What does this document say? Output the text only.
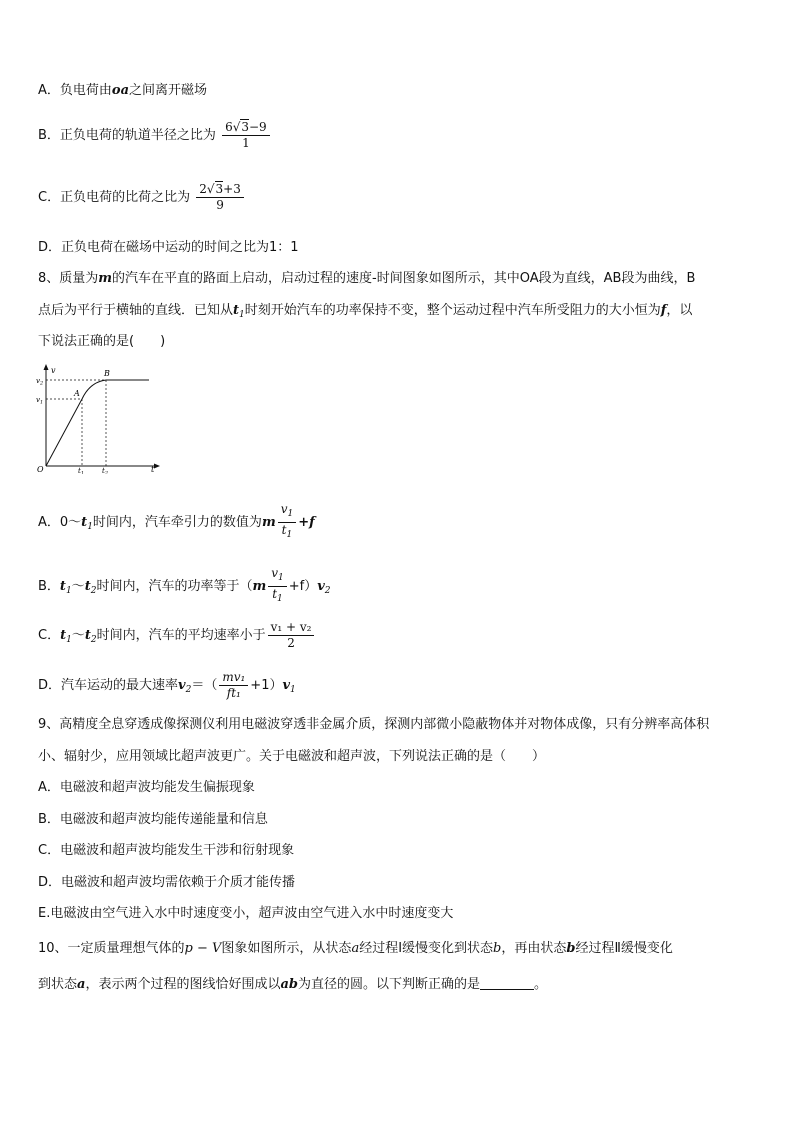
A．负电荷由oa之间离开磁场
B．正负电荷的轨道半径之比为 $\frac{6√3-9}{1}$
C．正负电荷的比荷之比为 $\frac{2√3+3}{9}$
D．正负电荷在磁场中运动的时间之比为1：1
8、质量为m的汽车在平直的路面上启动，启动过程的速度-时间图象如图所示，其中OA段为直线，AB段为曲线，B
点后为平行于横轴的直线．已知从$t_1$时刻开始汽车的功率保持不变，整个运动过程中汽车所受阻力的大小恒为f，以
下说法正确的是(　　)
v
t
O
$v_2$
$v_1$
A
B
$t_1$	$t_2$
A．$0\sim t_1$时间内，汽车牵引力的数值为m $\frac{v_1}{t_1} +f$
B．$t_1\sim t_2$时间内，汽车的功率等于$(m \frac{v_1}{t_1} +f)v_2$
C．$t_1\sim t_2$时间内，汽车的平均速率小于 $\frac{\text{v₁ + v₂}}{2}$
D．汽车运动的最大速率$v_2=( \frac{\text{mv₁}}{\text{ft₁}} +1)v_1$
9、高精度全息穿透成像探测仪利用电磁波穿透非金属介质，探测内部微小隐蔽物体并对物体成像，只有分辨率高体积
小、辐射少，应用领域比超声波更广。关于电磁波和超声波，下列说法正确的是（　　）
A．电磁波和超声波均能发生偏振现象
B．电磁波和超声波均能传递能量和信息
C．电磁波和超声波均能发生干涉和衍射现象
D．电磁波和超声波均需依赖于介质才能传播
E.电磁波由空气进入水中时速度变小，超声波由空气进入水中时速度变大
10、一定质量理想气体的p − V图象如图所示，从状态a经过程Ⅰ缓慢变化到状态b，再由状态b经过程Ⅱ缓慢变化
到状态a，表示两个过程的图线恰好围成以ab为直径的圆。以下判断正确的是	。
